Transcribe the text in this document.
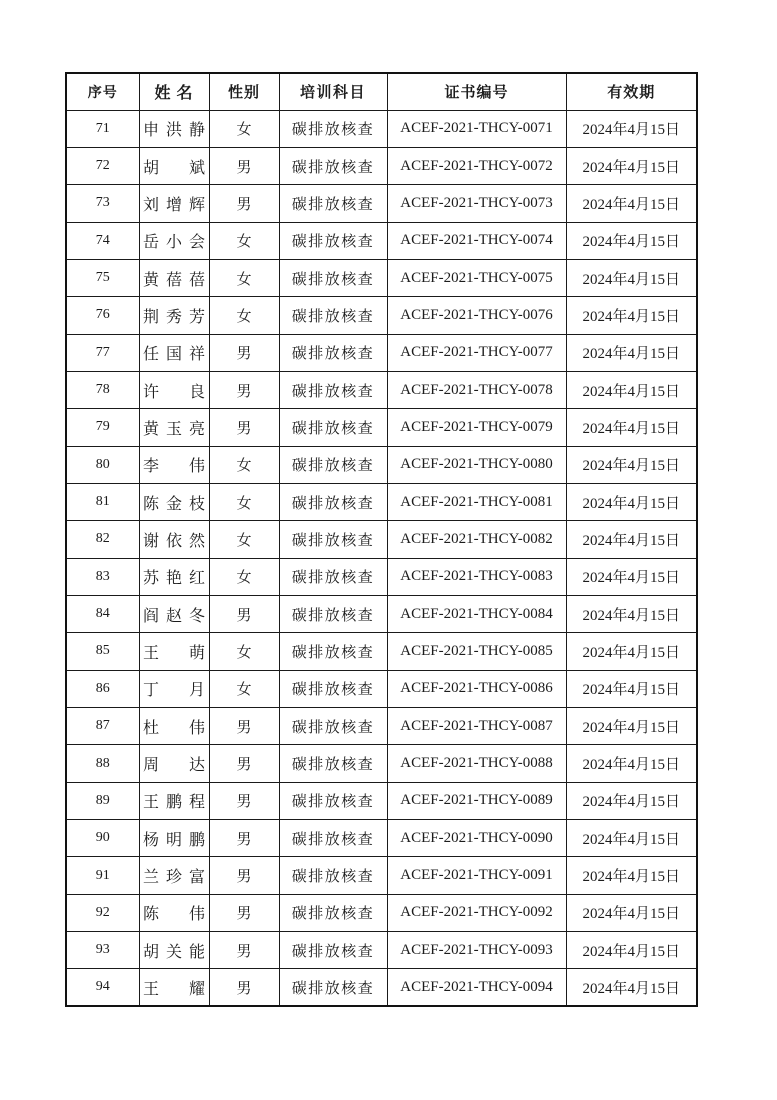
序号	姓 名	性别	培训科目	证书编号	有效期
71	申洪静	女	碳排放核查	ACEF-2021-THCY-0071	2024年4月15日
72	胡斌	男	碳排放核查	ACEF-2021-THCY-0072	2024年4月15日
73	刘增辉	男	碳排放核查	ACEF-2021-THCY-0073	2024年4月15日
74	岳小会	女	碳排放核查	ACEF-2021-THCY-0074	2024年4月15日
75	黄蓓蓓	女	碳排放核查	ACEF-2021-THCY-0075	2024年4月15日
76	荆秀芳	女	碳排放核查	ACEF-2021-THCY-0076	2024年4月15日
77	任国祥	男	碳排放核查	ACEF-2021-THCY-0077	2024年4月15日
78	许良	男	碳排放核查	ACEF-2021-THCY-0078	2024年4月15日
79	黄玉亮	男	碳排放核查	ACEF-2021-THCY-0079	2024年4月15日
80	李伟	女	碳排放核查	ACEF-2021-THCY-0080	2024年4月15日
81	陈金枝	女	碳排放核查	ACEF-2021-THCY-0081	2024年4月15日
82	谢依然	女	碳排放核查	ACEF-2021-THCY-0082	2024年4月15日
83	苏艳红	女	碳排放核查	ACEF-2021-THCY-0083	2024年4月15日
84	阎赵冬	男	碳排放核查	ACEF-2021-THCY-0084	2024年4月15日
85	王萌	女	碳排放核查	ACEF-2021-THCY-0085	2024年4月15日
86	丁月	女	碳排放核查	ACEF-2021-THCY-0086	2024年4月15日
87	杜伟	男	碳排放核查	ACEF-2021-THCY-0087	2024年4月15日
88	周达	男	碳排放核查	ACEF-2021-THCY-0088	2024年4月15日
89	王鹏程	男	碳排放核查	ACEF-2021-THCY-0089	2024年4月15日
90	杨明鹏	男	碳排放核查	ACEF-2021-THCY-0090	2024年4月15日
91	兰珍富	男	碳排放核查	ACEF-2021-THCY-0091	2024年4月15日
92	陈伟	男	碳排放核查	ACEF-2021-THCY-0092	2024年4月15日
93	胡关能	男	碳排放核查	ACEF-2021-THCY-0093	2024年4月15日
94	王耀	男	碳排放核查	ACEF-2021-THCY-0094	2024年4月15日
